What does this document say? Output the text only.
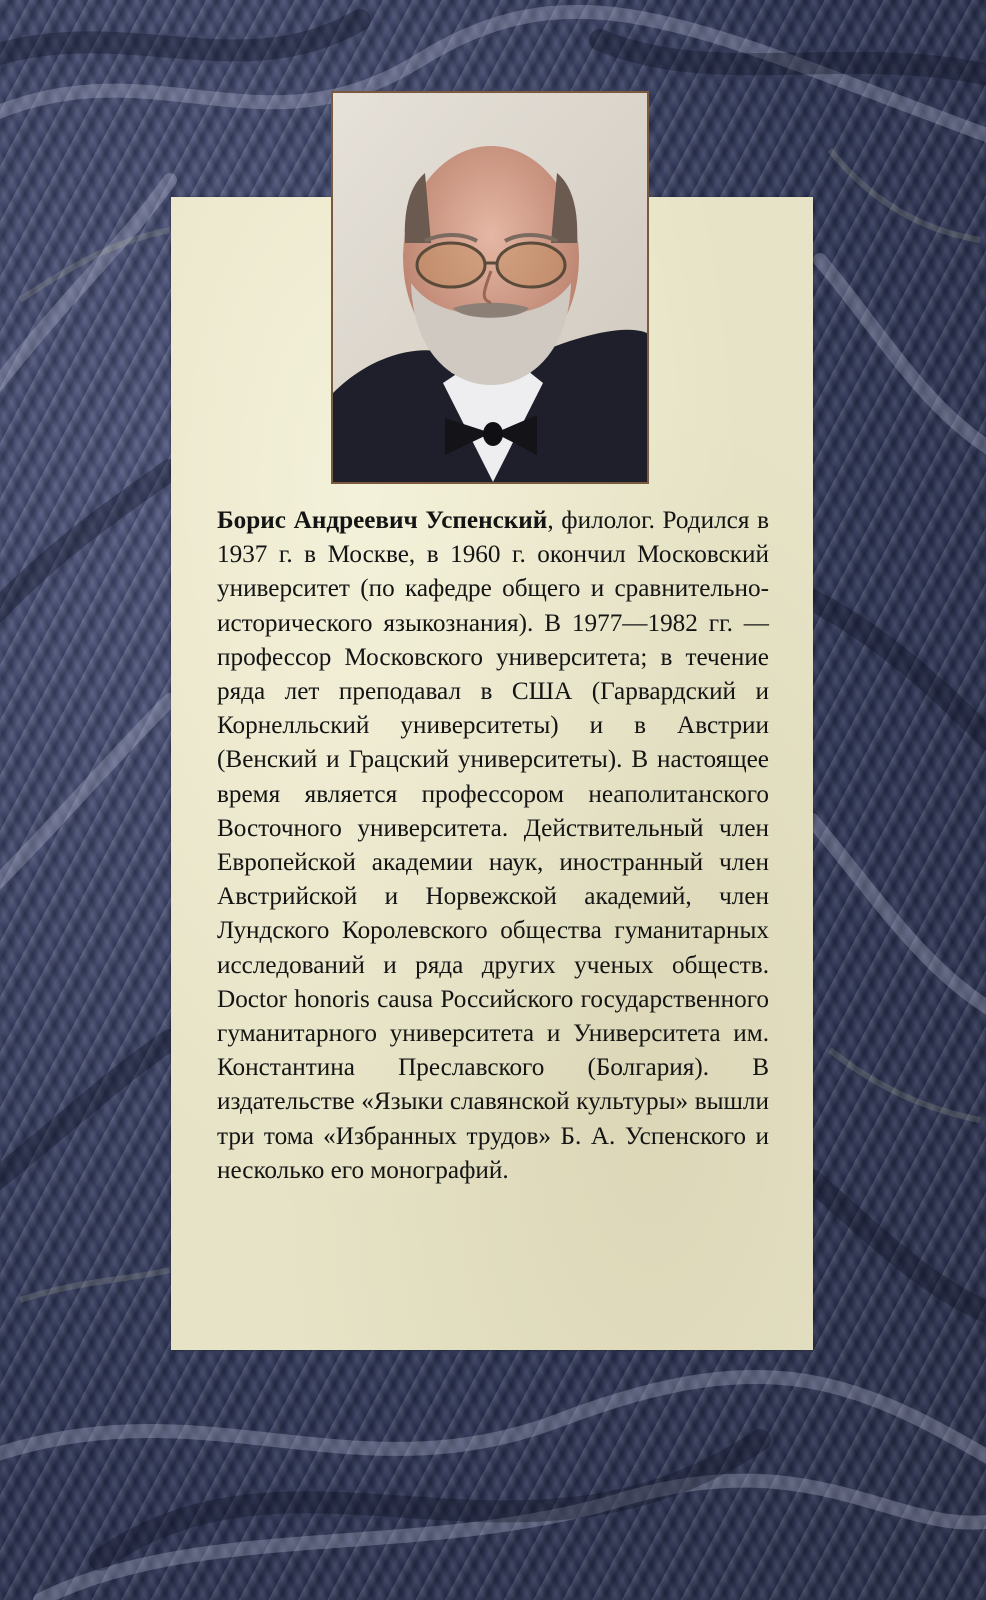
Борис Андреевич Успенский, филолог. Родился в 1937 г. в Москве, в 1960 г. окончил Московский университет (по кафедре общего и сравнительно-исторического языкознания). В 1977—1982 гг. — профессор Московского университета; в течение ряда лет преподавал в США (Гарвардский и Корнелльский университеты) и в Австрии (Венский и Грацский университеты). В настоящее время является профессором неаполитанского Восточного университета. Действительный член Европейской академии наук, иностранный член Австрийской и Норвежской академий, член Лундского Королевского общества гуманитарных исследований и ряда других ученых обществ. Doctor honoris causa Российского государственного гуманитарного университета и Университета им. Константина Преславского (Болгария). В издательстве «Языки славянской культуры» вышли три тома «Избранных трудов» Б. А. Успенского и несколько его монографий.
